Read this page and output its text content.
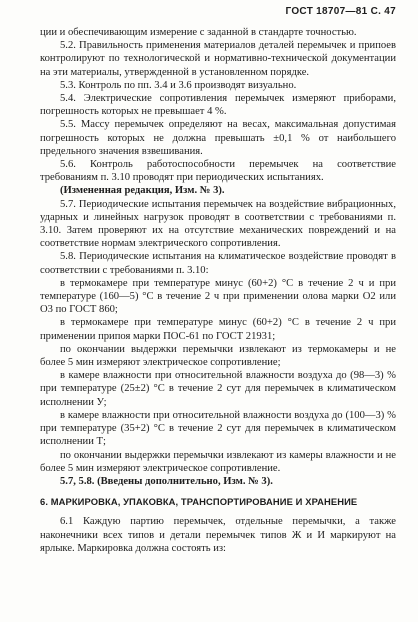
ГОСТ 18707—81 С. 47

ции и обеспечивающим измерение с заданной в стандарте точностью.

5.2. Правильность применения материалов деталей перемычек и припоев контролируют по технологической и нормативно-технической документации на эти материалы, утвержденной в установленном порядке.

5.3. Контроль по пп. 3.4 и 3.6 производят визуально.

5.4. Электрические сопротивления перемычек измеряют приборами, погрешность которых не превышает 4 %.

5.5. Массу перемычек определяют на весах, максимальная допустимая погрешность которых не должна превышать ±0,1 % от наибольшего предельного значения взвешивания.

5.6. Контроль работоспособности перемычек на соответствие требованиям п. 3.10 проводят при периодических испытаниях.

(Измененная редакция, Изм. № 3).

5.7. Периодические испытания перемычек на воздействие вибрационных, ударных и линейных нагрузок проводят в соответствии с требованиями п. 3.10. Затем проверяют их на отсутствие механических повреждений и на соответствие нормам электрического сопротивления.

5.8. Периодические испытания на климатическое воздействие проводят в соответствии с требованиями п. 3.10:

в термокамере при температуре минус (60+2) °С в течение 2 ч и при температуре (160—5) °С в течение 2 ч при применении олова марки О2 или О3 по ГОСТ 860;

в термокамере при температуре минус (60+2) °С в течение 2 ч при применении припоя марки ПОС-61 по ГОСТ 21931;

по окончании выдержки перемычки извлекают из термокамеры и не более 5 мин измеряют электрическое сопротивление;

в камере влажности при относительной влажности воздуха до (98—3) % при температуре (25±2) °С в течение 2 сут для перемычек в климатическом исполнении У;

в камере влажности при относительной влажности воздуха до (100—3) % при температуре (35+2) °С в течение 2 сут для перемычек в климатическом исполнении Т;

по окончании выдержки перемычки извлекают из камеры влажности и не более 5 мин измеряют электрическое сопротивление.

5.7, 5.8. (Введены дополнительно, Изм. № 3).

6. МАРКИРОВКА, УПАКОВКА, ТРАНСПОРТИРОВАНИЕ И ХРАНЕНИЕ

6.1 Каждую партию перемычек, отдельные перемычки, а также наконечники всех типов и детали перемычек типов Ж и И маркируют на ярлыке. Маркировка должна состоять из:
